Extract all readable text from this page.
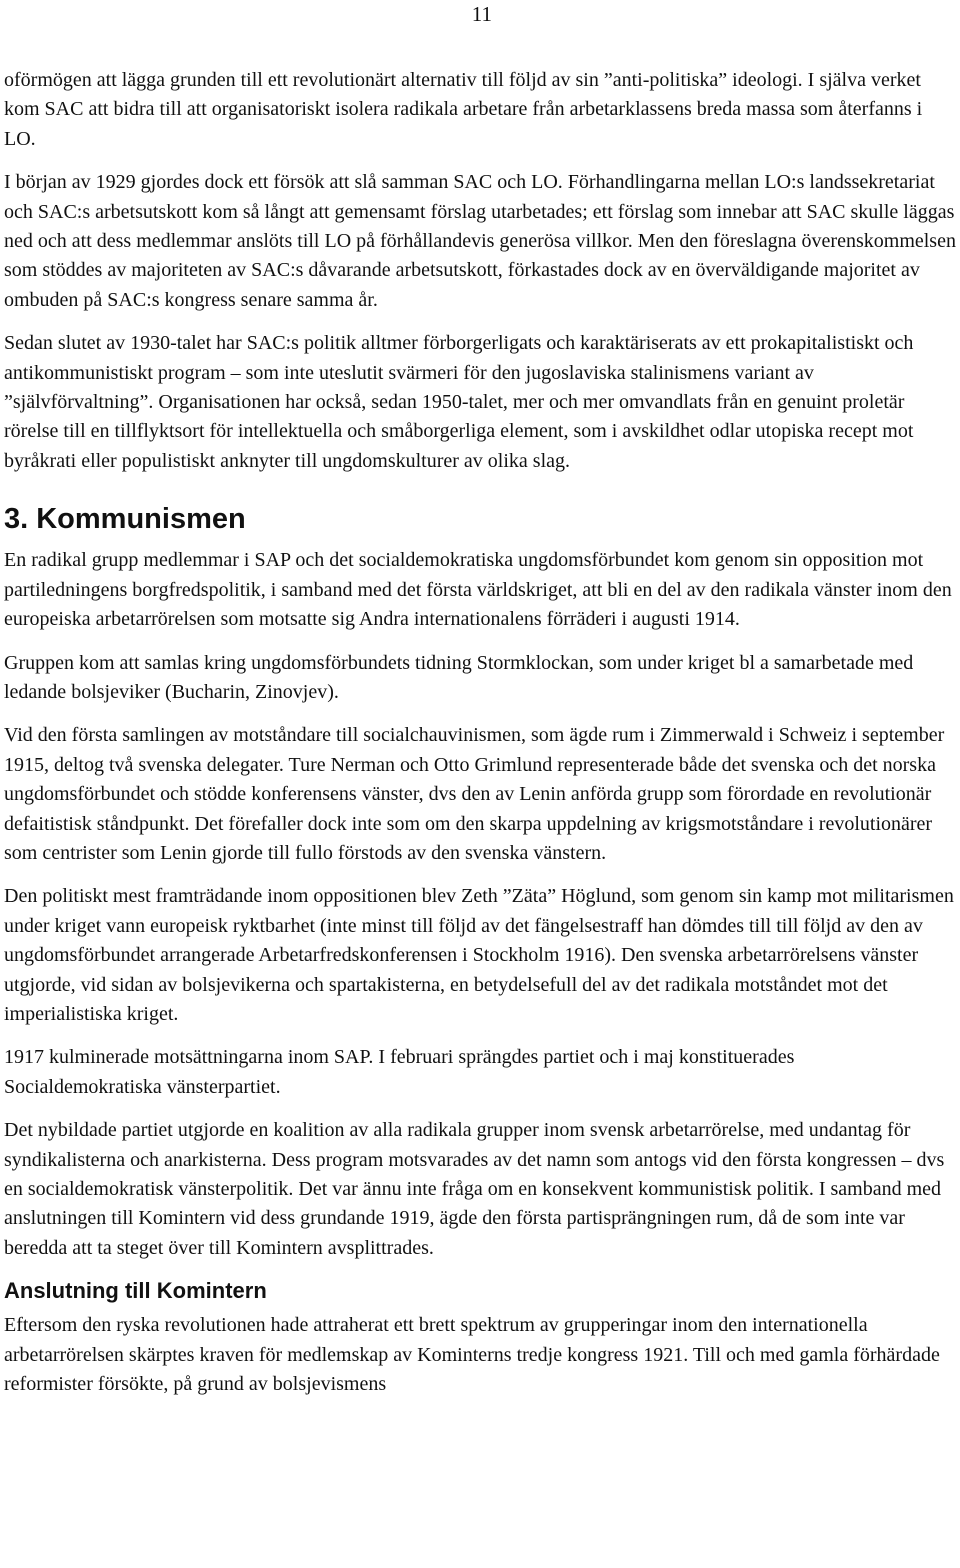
11

oförmögen att lägga grunden till ett revolutionärt alternativ till följd av sin ”anti-politiska” ideologi. I själva verket kom SAC att bidra till att organisatoriskt isolera radikala arbetare från arbetarklassens breda massa som återfanns i LO.

I början av 1929 gjordes dock ett försök att slå samman SAC och LO. Förhandlingarna mellan LO:s landssekretariat och SAC:s arbetsutskott kom så långt att gemensamt förslag utarbetades; ett förslag som innebar att SAC skulle läggas ned och att dess medlemmar anslöts till LO på förhållandevis generösa villkor. Men den föreslagna överenskommelsen som stöddes av majoriteten av SAC:s dåvarande arbetsutskott, förkastades dock av en överväldigande majoritet av ombuden på SAC:s kongress senare samma år.

Sedan slutet av 1930-talet har SAC:s politik alltmer förborgerligats och karaktäriserats av ett prokapitalistiskt och antikommunistiskt program – som inte uteslutit svärmeri för den jugoslaviska stalinismens variant av ”självförvaltning”. Organisationen har också, sedan 1950-talet, mer och mer omvandlats från en genuint proletär rörelse till en tillflyktsort för intellektuella och småborgerliga element, som i avskildhet odlar utopiska recept mot byråkrati eller populistiskt anknyter till ungdomskulturer av olika slag.

3. Kommunismen

En radikal grupp medlemmar i SAP och det socialdemokratiska ungdomsförbundet kom genom sin opposition mot partiledningens borgfredspolitik, i samband med det första världskriget, att bli en del av den radikala vänster inom den europeiska arbetarrörelsen som motsatte sig Andra internationalens förräderi i augusti 1914.

Gruppen kom att samlas kring ungdomsförbundets tidning Stormklockan, som under kriget bl a samarbetade med ledande bolsjeviker (Bucharin, Zinovjev).

Vid den första samlingen av motståndare till socialchauvinismen, som ägde rum i Zimmerwald i Schweiz i september 1915, deltog två svenska delegater. Ture Nerman och Otto Grimlund representerade både det svenska och det norska ungdomsförbundet och stödde konferensens vänster, dvs den av Lenin anförda grupp som förordade en revolutionär defaitistisk ståndpunkt. Det förefaller dock inte som om den skarpa uppdelning av krigsmotståndare i revolutionärer som centrister som Lenin gjorde till fullo förstods av den svenska vänstern.

Den politiskt mest framträdande inom oppositionen blev Zeth ”Zäta” Höglund, som genom sin kamp mot militarismen under kriget vann europeisk ryktbarhet (inte minst till följd av det fängelsestraff han dömdes till till följd av den av ungdomsförbundet arrangerade Arbetarfredskonferensen i Stockholm 1916). Den svenska arbetarrörelsens vänster utgjorde, vid sidan av bolsjevikerna och spartakisterna, en betydelsefull del av det radikala motståndet mot det imperialistiska kriget.

1917 kulminerade motsättningarna inom SAP. I februari sprängdes partiet och i maj konstituerades Socialdemokratiska vänsterpartiet.

Det nybildade partiet utgjorde en koalition av alla radikala grupper inom svensk arbetarrörelse, med undantag för syndikalisterna och anarkisterna. Dess program motsvarades av det namn som antogs vid den första kongressen – dvs en socialdemokratisk vänsterpolitik. Det var ännu inte fråga om en konsekvent kommunistisk politik. I samband med anslutningen till Komintern vid dess grundande 1919, ägde den första partisprängningen rum, då de som inte var beredda att ta steget över till Komintern avsplittrades.

Anslutning till Komintern

Eftersom den ryska revolutionen hade attraherat ett brett spektrum av grupperingar inom den internationella arbetarrörelsen skärptes kraven för medlemskap av Kominterns tredje kongress 1921. Till och med gamla förhärdade reformister försökte, på grund av bolsjevismens
